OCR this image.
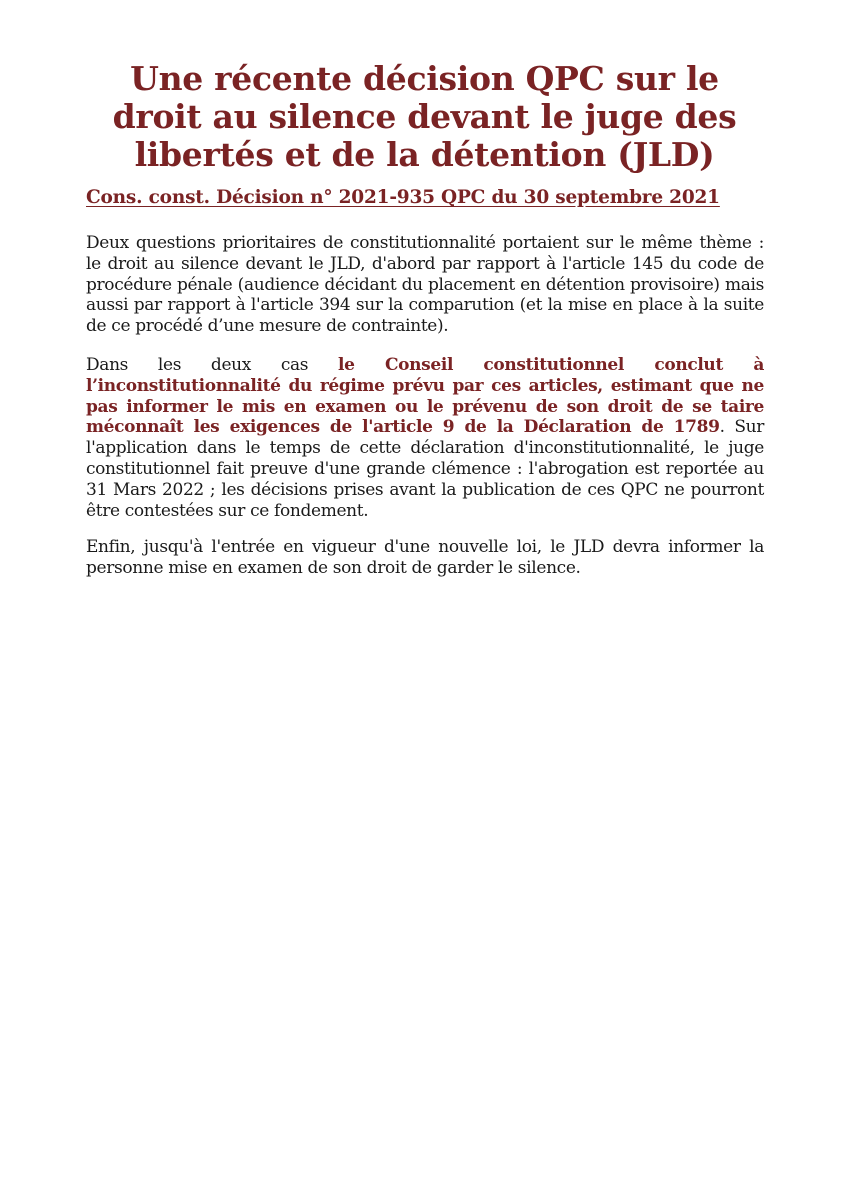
Une récente décision QPC sur le droit au silence devant le juge des libertés et de la détention (JLD)
Cons. const. Décision n° 2021-935 QPC du 30 septembre 2021

Deux questions prioritaires de constitutionnalité portaient sur le même thème : le droit au silence devant le JLD, d'abord par rapport à l'article 145 du code de procédure pénale (audience décidant du placement en détention provisoire) mais aussi par rapport à l'article 394 sur la comparution (et la mise en place à la suite de ce procédé d’une mesure de contrainte).

Dans les deux cas le Conseil constitutionnel conclut à l’inconstitutionnalité du régime prévu par ces articles, estimant que ne pas informer le mis en examen ou le prévenu de son droit de se taire méconnaît les exigences de l'article 9 de la Déclaration de 1789. Sur l'application dans le temps de cette déclaration d'inconstitutionnalité, le juge constitutionnel fait preuve d'une grande clémence : l'abrogation est reportée au 31 Mars 2022 ; les décisions prises avant la publication de ces QPC ne pourront être contestées sur ce fondement.

Enfin, jusqu'à l'entrée en vigueur d'une nouvelle loi, le JLD devra informer la personne mise en examen de son droit de garder le silence.
